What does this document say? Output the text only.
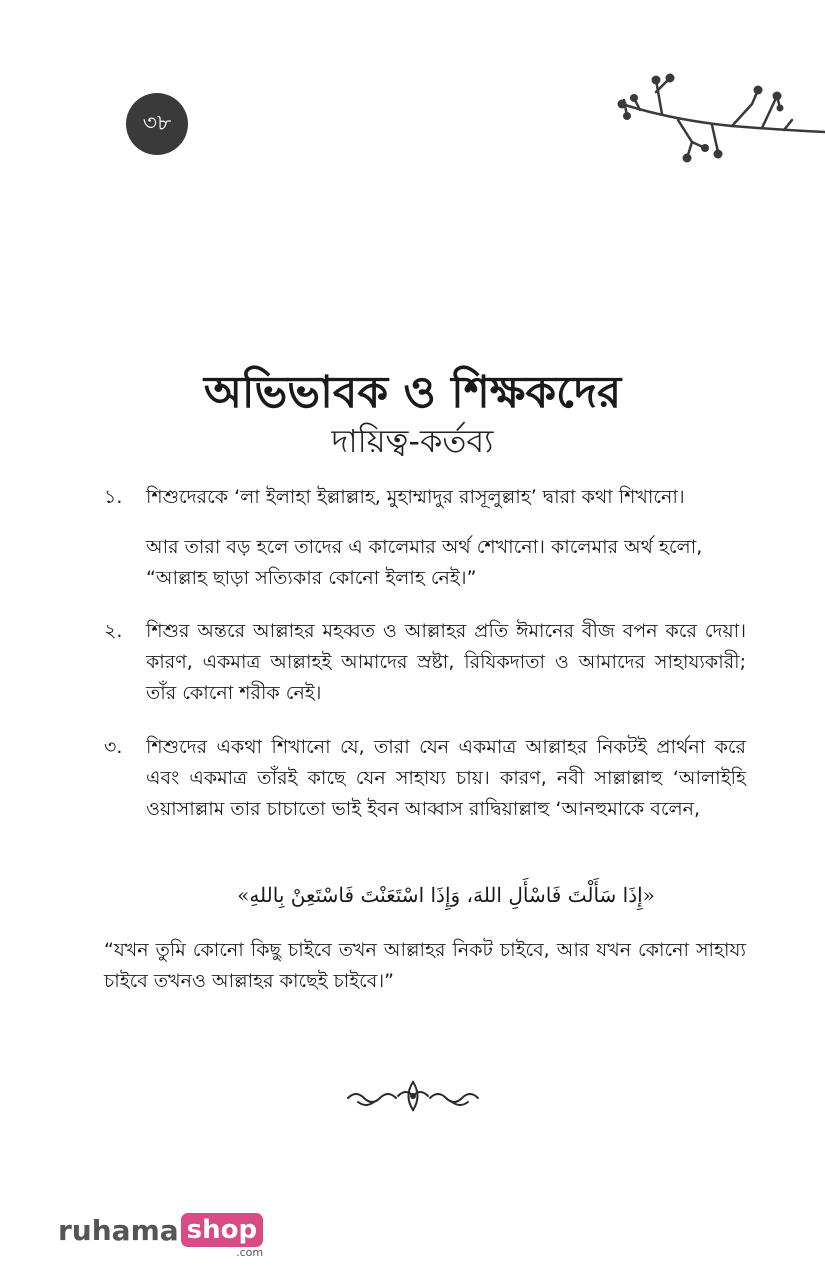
৩৮
অভিভাবক ও শিক্ষকদের
দায়িত্ব-কর্তব্য
১.	শিশুদেরকে ‘লা ইলাহা ইল্লাল্লাহ, মুহাম্মাদুর রাসূলুল্লাহ’ দ্বারা কথা শিখানো।
আর তারা বড় হলে তাদের এ কালেমার অর্থ শেখানো। কালেমার অর্থ হলো, “আল্লাহ ছাড়া সত্যিকার কোনো ইলাহ নেই।”
২.	শিশুর অন্তরে আল্লাহর মহব্বত ও আল্লাহর প্রতি ঈমানের বীজ বপন করে দেয়া। কারণ, একমাত্র আল্লাহই আমাদের স্রষ্টা, রিযিকদাতা ও আমাদের সাহায্যকারী; তাঁর কোনো শরীক নেই।
৩.	শিশুদের একথা শিখানো যে, তারা যেন একমাত্র আল্লাহর নিকটই প্রার্থনা করে এবং একমাত্র তাঁরই কাছে যেন সাহায্য চায়। কারণ, নবী সাল্লাল্লাহু ‘আলাইহি ওয়াসাল্লাম তার চাচাতো ভাই ইবন আব্বাস রাদ্বিয়াল্লাহু ‘আনহুমাকে বলেন,
«إِذَا سَأَلْتَ فَاسْأَلِ اللهَ، وَإِذَا اسْتَعَنْتَ فَاسْتَعِنْ بِاللهِ»
“যখন তুমি কোনো কিছু চাইবে তখন আল্লাহর নিকট চাইবে, আর যখন কোনো সাহায্য চাইবে তখনও আল্লাহর কাছেই চাইবে।”
ruhama shop
.com
